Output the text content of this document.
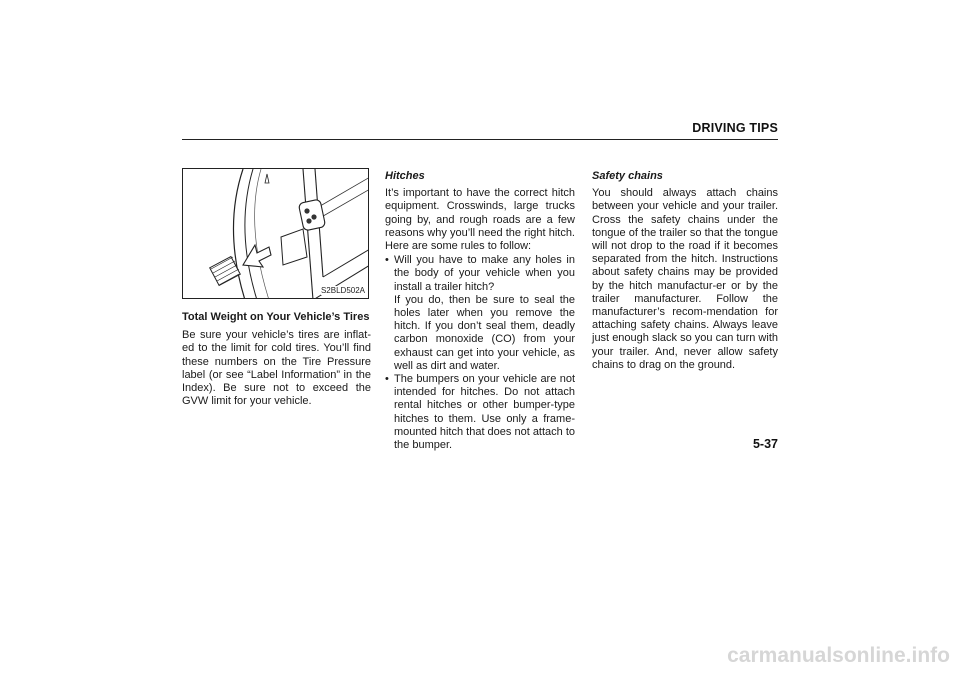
DRIVING TIPS
S2BLD502A
Total Weight on Your Vehicle’s Tires

Be sure your vehicle’s tires are inflat-ed to the limit for cold tires. You’ll find these numbers on the Tire Pressure label (or see “Label Information” in the Index). Be sure not to exceed the GVW limit for your vehicle.

Hitches

It’s important to have the correct hitch equipment. Crosswinds, large trucks going by, and rough roads are a few reasons why you’ll need the right hitch. Here are some rules to follow:

• Will you have to make any holes in the body of your vehicle when you install a trailer hitch?
If you do, then be sure to seal the holes later when you remove the hitch. If you don’t seal them, deadly carbon monoxide (CO) from your exhaust can get into your vehicle, as well as dirt and water.
• The bumpers on your vehicle are not intended for hitches. Do not attach rental hitches or other bumper-type hitches to them. Use only a frame-mounted hitch that does not attach to the bumper.
Safety chains

You should always attach chains between your vehicle and your trailer. Cross the safety chains under the tongue of the trailer so that the tongue will not drop to the road if it becomes separated from the hitch. Instructions about safety chains may be provided by the hitch manufactur-er or by the trailer manufacturer. Follow the manufacturer’s recom-mendation for attaching safety chains. Always leave just enough slack so you can turn with your trailer. And, never allow safety chains to drag on the ground.

5-37
carmanualsonline.info
